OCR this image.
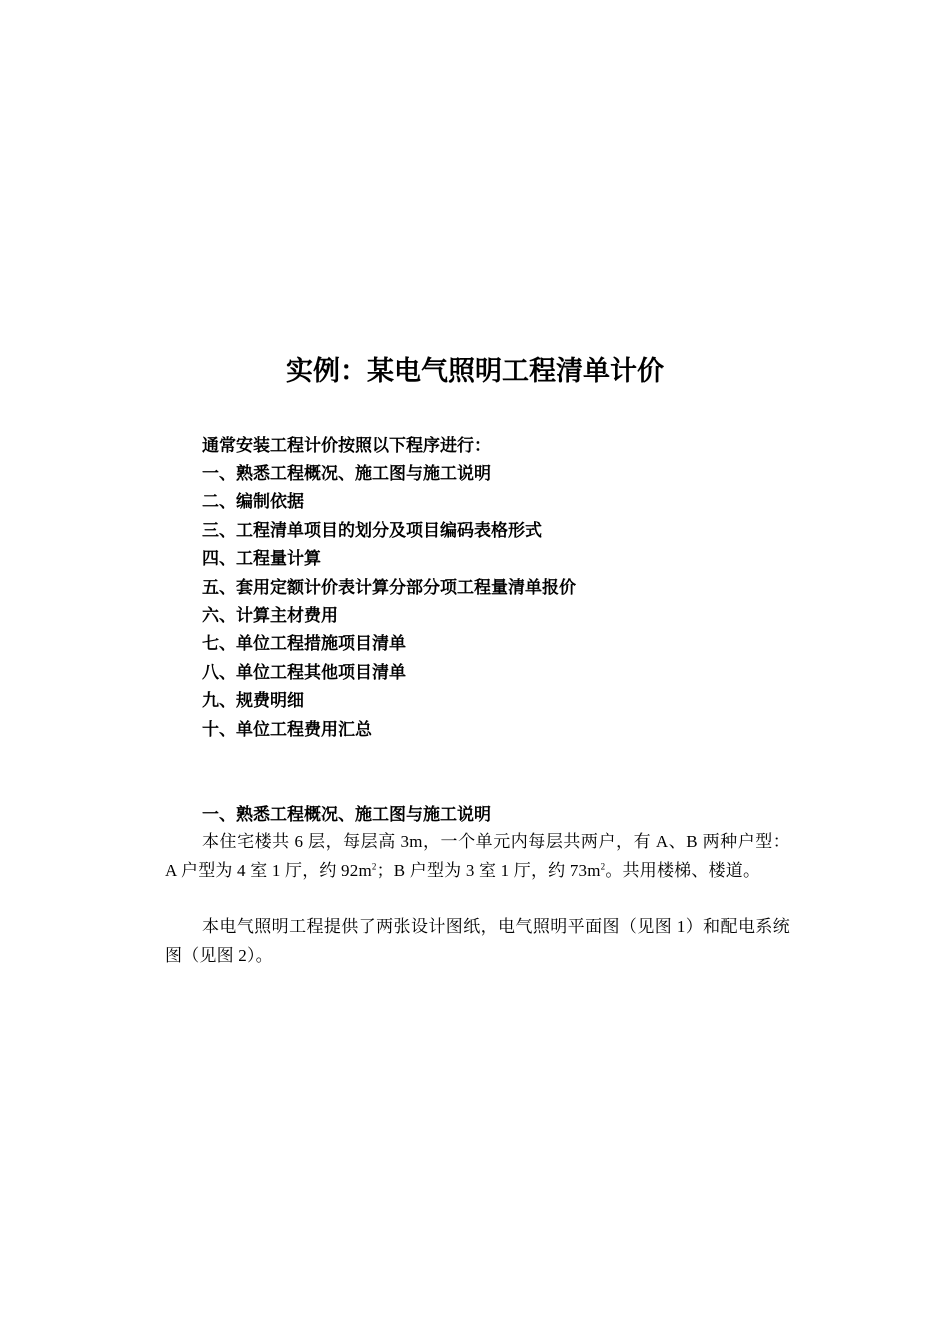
实例：某电气照明工程清单计价

通常安装工程计价按照以下程序进行：

一、熟悉工程概况、施工图与施工说明
二、编制依据
三、工程清单项目的划分及项目编码表格形式
四、工程量计算
五、套用定额计价表计算分部分项工程量清单报价
六、计算主材费用
七、单位工程措施项目清单
八、单位工程其他项目清单
九、规费明细
十、单位工程费用汇总
一、熟悉工程概况、施工图与施工说明

本住宅楼共 6 层，每层高 3m，一个单元内每层共两户，有 A、B 两种户型：A 户型为 4 室 1 厅，约 $92m^2$；B 户型为 3 室 1 厅，约 $73m^2$。共用楼梯、楼道。

本电气照明工程提供了两张设计图纸，电气照明平面图（见图 1）和配电系统图（见图 2）。
